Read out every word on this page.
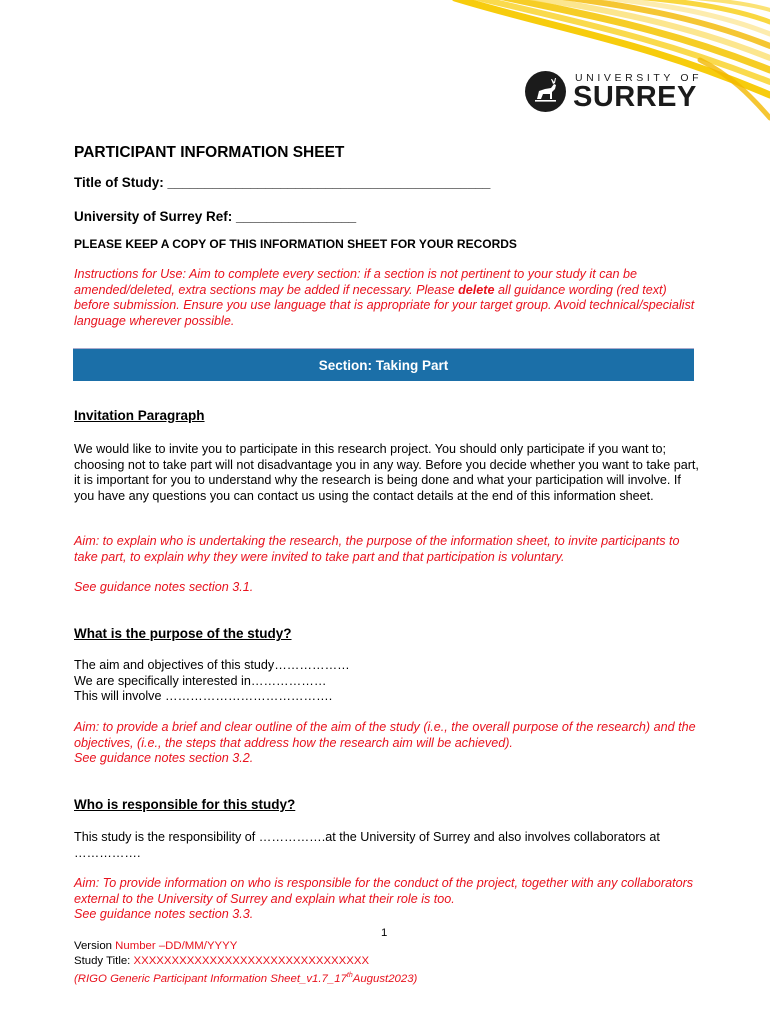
UNIVERSITY OF
SURREY
PARTICIPANT INFORMATION SHEET
Title of Study: ___________________________________________
University of Surrey Ref: ________________
PLEASE KEEP A COPY OF THIS INFORMATION SHEET FOR YOUR RECORDS
Instructions for Use: Aim to complete every section: if a section is not pertinent to your study it can be amended/deleted, extra sections may be added if necessary. Please delete all guidance wording (red text) before submission. Ensure you use language that is appropriate for your target group. Avoid technical/specialist language wherever possible.
Section: Taking Part
Invitation Paragraph
We would like to invite you to participate in this research project. You should only participate if you want to; choosing not to take part will not disadvantage you in any way. Before you decide whether you want to take part, it is important for you to understand why the research is being done and what your participation will involve. If you have any questions you can contact us using the contact details at the end of this information sheet.
Aim: to explain who is undertaking the research, the purpose of the information sheet, to invite participants to take part, to explain why they were invited to take part and that participation is voluntary.
See guidance notes section 3.1.
What is the purpose of the study?
The aim and objectives of this study………………
We are specifically interested in………………
This will involve ………………………………….
Aim: to provide a brief and clear outline of the aim of the study (i.e., the overall purpose of the research) and the objectives, (i.e., the steps that address how the research aim will be achieved).
See guidance notes section 3.2.
Who is responsible for this study?
This study is the responsibility of …………….at the University of Surrey and also involves collaborators at …………….
Aim: To provide information on who is responsible for the conduct of the project, together with any collaborators external to the University of Surrey and explain what their role is too.
See guidance notes section 3.3.
1
Version Number –DD/MM/YYYY
Study Title: XXXXXXXXXXXXXXXXXXXXXXXXXXXXXXX
(RIGO Generic Participant Information Sheet_v1.7_17thAugust2023)
